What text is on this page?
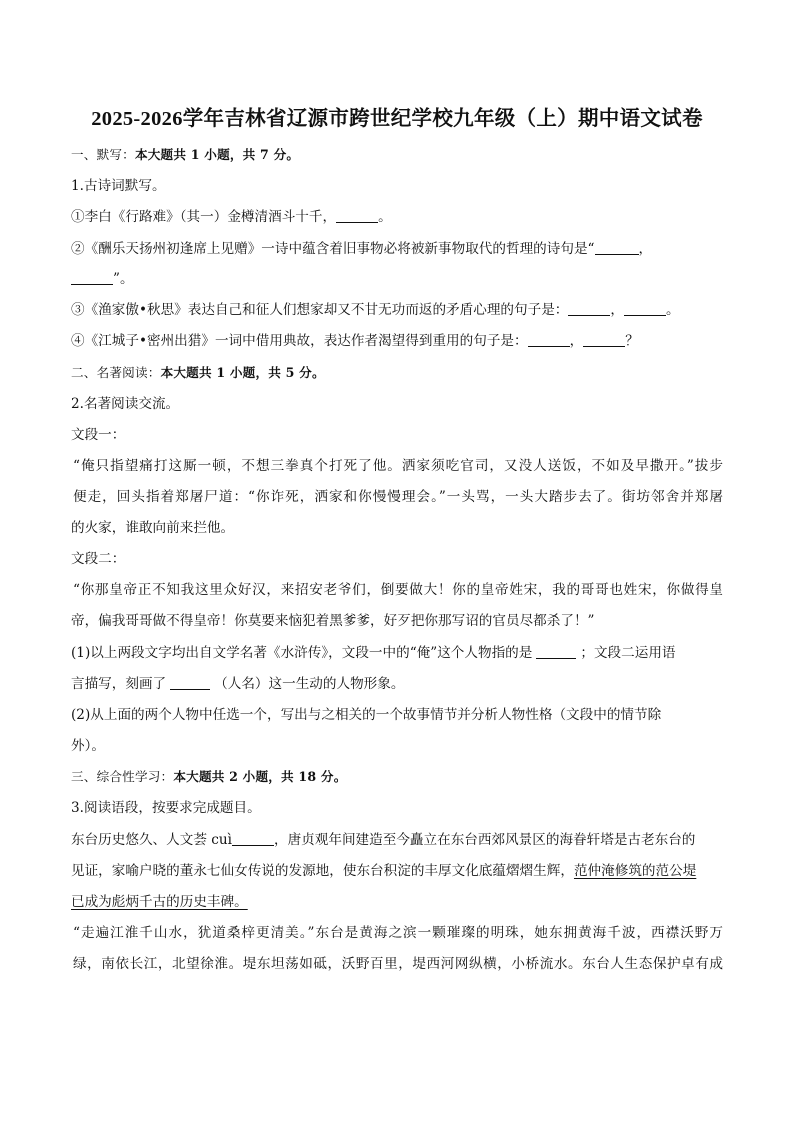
2025-2026学年吉林省辽源市跨世纪学校九年级（上）期中语文试卷
一、默写：本大题共 1 小题，共 7 分。
1.古诗词默写。
①李白《行路难》（其一）金樽清酒斗十千，	。
②《酬乐天扬州初逢席上见赠》一诗中蕴含着旧事物必将被新事物取代的哲理的诗句是“	，
”。
③《渔家傲•秋思》表达自己和征人们想家却又不甘无功而返的矛盾心理的句子是：	，	。
④《江城子•密州出猎》一词中借用典故，表达作者渴望得到重用的句子是：	，	？
二、名著阅读：本大题共 1 小题，共 5 分。
2.名著阅读交流。
文段一：
“俺只指望痛打这厮一顿，不想三拳真个打死了他。洒家须吃官司，又没人送饭，不如及早撒开。”拔步
便走，回头指着郑屠尸道：“你诈死，洒家和你慢慢理会。”一头骂，一头大踏步去了。街坊邻舍并郑屠
的火家，谁敢向前来拦他。
文段二：
“你那皇帝正不知我这里众好汉，来招安老爷们，倒要做大！你的皇帝姓宋，我的哥哥也姓宋，你做得皇
帝，偏我哥哥做不得皇帝！你莫要来恼犯着黑爹爹，好歹把你那写诏的官员尽都杀了！”
(1)以上两段文字均出自文学名著《水浒传》，文段一中的“俺”这个人物指的是	；文段二运用语
言描写，刻画了	（人名）这一生动的人物形象。
(2)从上面的两个人物中任选一个，写出与之相关的一个故事情节并分析人物性格（文段中的情节除
外）。
三、综合性学习：本大题共 2 小题，共 18 分。
3.阅读语段，按要求完成题目。
东台历史悠久、人文荟 cuì	，唐贞观年间建造至今矗立在东台西郊风景区的海眷轩塔是古老东台的
见证，家喻户晓的董永七仙女传说的发源地，使东台积淀的丰厚文化底蕴熠熠生辉，范仲淹修筑的范公堤
已成为彪炳千古的历史丰碑。
“走遍江淮千山水，犹道桑梓更清美。”东台是黄海之滨一颗璀璨的明珠，她东拥黄海千波，西襟沃野万
绿，南依长江，北望徐淮。堤东坦荡如砥，沃野百里，堤西河网纵横，小桥流水。东台人生态保护卓有成
